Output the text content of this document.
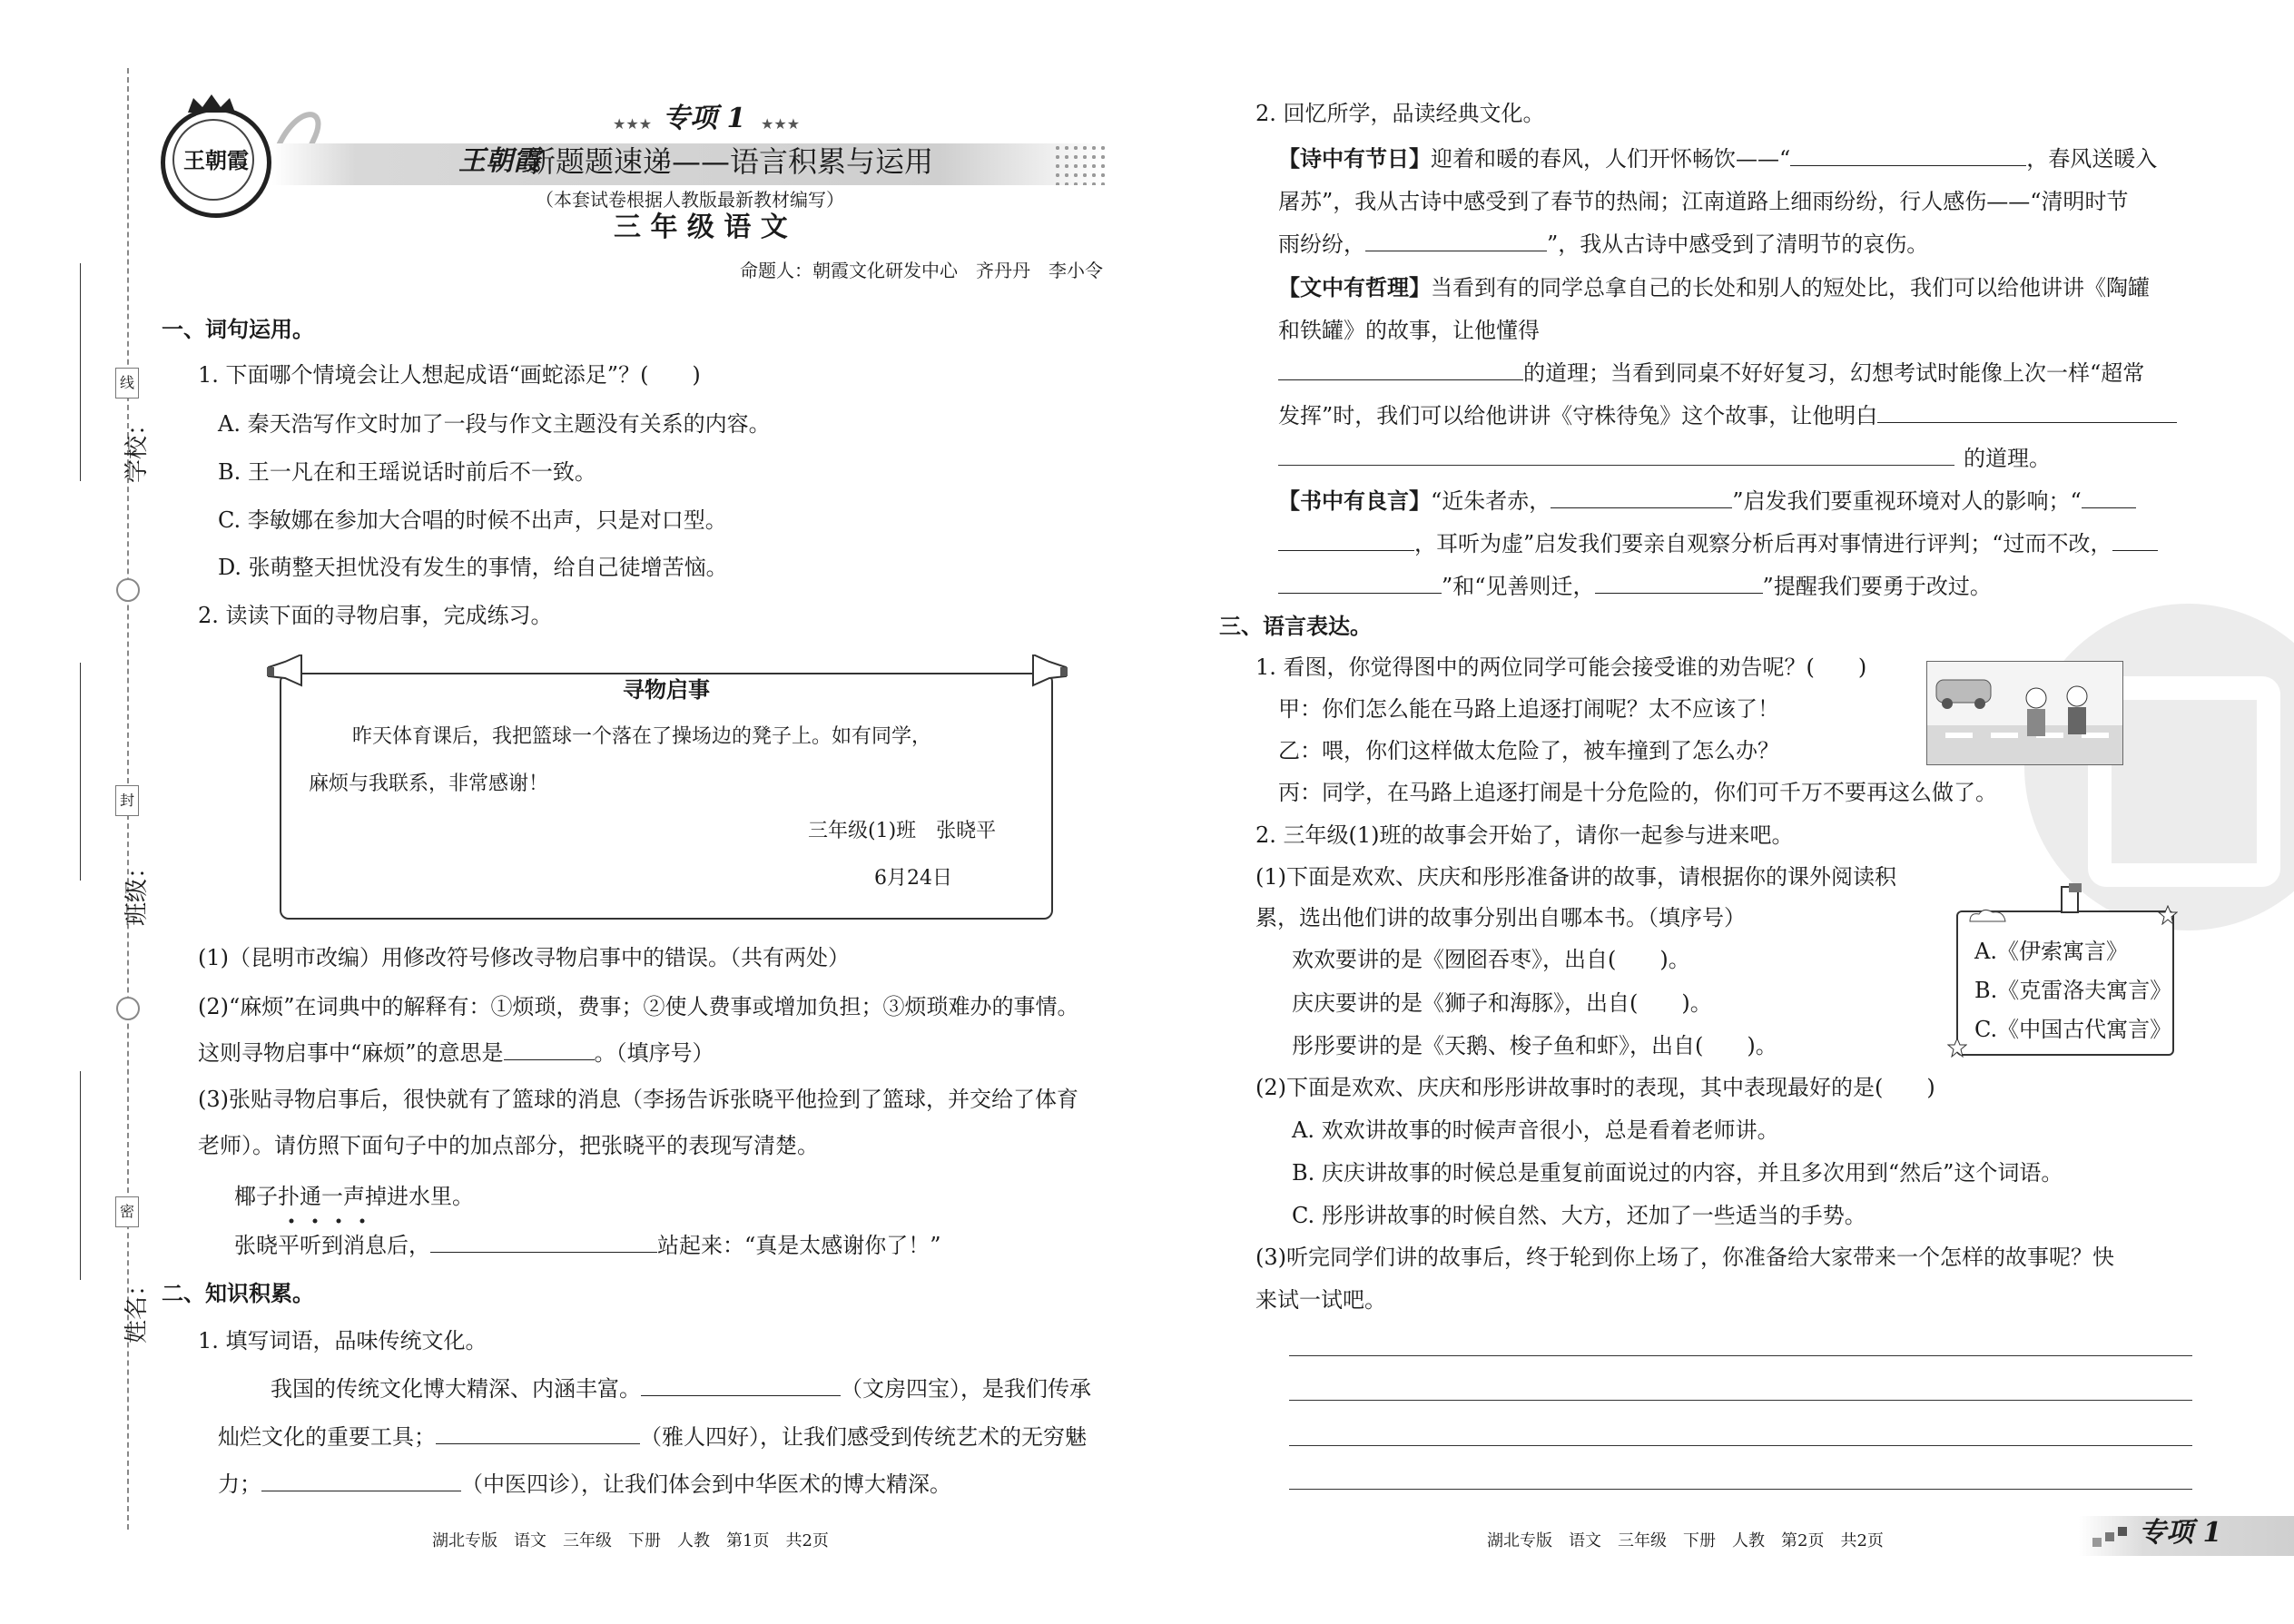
线
封
密
学校：
班级：
姓名：
王朝霞
★★★ 专项 1 ★★★
王朝霞
新题题速递——语言积累与运用
（本套试卷根据人教版最新教材编写）
三 年 级 语 文
命题人：朝霞文化研发中心　齐丹丹　李小令
一、词句运用。
1. 下面哪个情境会让人想起成语“画蛇添足”？(　　)
A. 秦天浩写作文时加了一段与作文主题没有关系的内容。
B. 王一凡在和王瑶说话时前后不一致。
C. 李敏娜在参加大合唱的时候不出声，只是对口型。
D. 张萌整天担忧没有发生的事情，给自己徒增苦恼。
2. 读读下面的寻物启事，完成练习。
寻物启事
昨天体育课后，我把篮球一个落在了操场边的凳子上。如有同学，
麻烦与我联系，非常感谢！
三年级(1)班　张晓平
6月24日
(1)（昆明市改编）用修改符号修改寻物启事中的错误。（共有两处）
(2)“麻烦”在词典中的解释有：①烦琐，费事；②使人费事或增加负担；③烦琐难办的事情。
这则寻物启事中“麻烦”的意思是	。（填序号）
(3)张贴寻物启事后，很快就有了篮球的消息（李扬告诉张晓平他捡到了篮球，并交给了体育
老师）。请仿照下面句子中的加点部分，把张晓平的表现写清楚。
椰子扑通一声掉进水里。
张晓平听到消息后，	站起来：“真是太感谢你了！”
二、知识积累。
1. 填写词语，品味传统文化。
我国的传统文化博大精深、内涵丰富。	（文房四宝），是我们传承
灿烂文化的重要工具；	（雅人四好），让我们感受到传统艺术的无穷魅
力；	（中医四诊），让我们体会到中华医术的博大精深。
湖北专版　语文　三年级　下册　人教　第1页　共2页
2. 回忆所学，品读经典文化。
【诗中有节日】迎着和暖的春风，人们开怀畅饮——“	，春风送暖入
屠苏”，我从古诗中感受到了春节的热闹；江南道路上细雨纷纷，行人感伤——“清明时节
雨纷纷，	”，我从古诗中感受到了清明节的哀伤。
【文中有哲理】当看到有的同学总拿自己的长处和别人的短处比，我们可以给他讲讲《陶罐
和铁罐》的故事，让他懂得
的道理；当看到同桌不好好复习，幻想考试时能像上次一样“超常
发挥”时，我们可以给他讲讲《守株待兔》这个故事，让他明白
的道理。
【书中有良言】“近朱者赤，	”启发我们要重视环境对人的影响；“
，耳听为虚”启发我们要亲自观察分析后再对事情进行评判；“过而不改，
”和“见善则迁，	”提醒我们要勇于改过。
三、语言表达。
1. 看图，你觉得图中的两位同学可能会接受谁的劝告呢？(　　)
甲：你们怎么能在马路上追逐打闹呢？太不应该了！
乙：喂，你们这样做太危险了，被车撞到了怎么办？
丙：同学，在马路上追逐打闹是十分危险的，你们可千万不要再这么做了。
2. 三年级(1)班的故事会开始了，请你一起参与进来吧。
(1)下面是欢欢、庆庆和彤彤准备讲的故事，请根据你的课外阅读积
累，选出他们讲的故事分别出自哪本书。（填序号）
欢欢要讲的是《囫囵吞枣》，出自(　　)。
庆庆要讲的是《狮子和海豚》，出自(　　)。
彤彤要讲的是《天鹅、梭子鱼和虾》，出自(　　)。
A.《伊索寓言》
B.《克雷洛夫寓言》
C.《中国古代寓言》
(2)下面是欢欢、庆庆和彤彤讲故事时的表现，其中表现最好的是(　　)
A. 欢欢讲故事的时候声音很小，总是看着老师讲。
B. 庆庆讲故事的时候总是重复前面说过的内容，并且多次用到“然后”这个词语。
C. 彤彤讲故事的时候自然、大方，还加了一些适当的手势。
(3)听完同学们讲的故事后，终于轮到你上场了，你准备给大家带来一个怎样的故事呢？快
来试一试吧。
湖北专版　语文　三年级　下册　人教　第2页　共2页	专项 1
